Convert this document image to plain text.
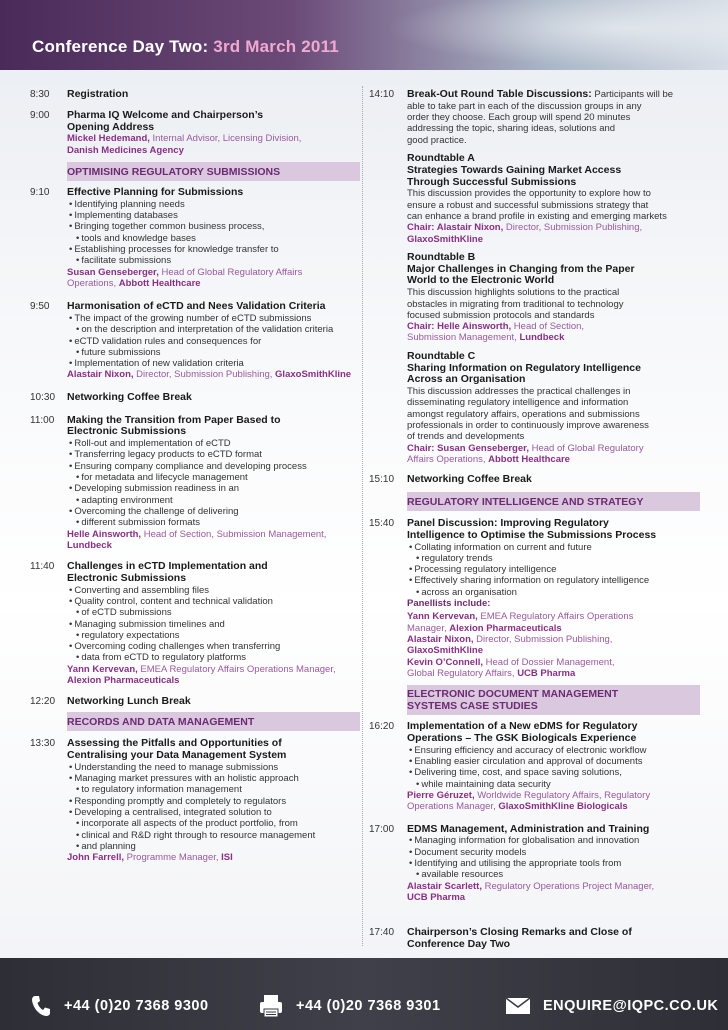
Conference Day Two: 3rd March 2011
8:30 Registration
9:00 Pharma IQ Welcome and Chairperson’s
Opening Address
Mickel Hedemand, Internal Advisor, Licensing Division,
Danish Medicines Agency
OPTIMISING REGULATORY SUBMISSIONS
9:10 Effective Planning for Submissions
• Identifying planning needs
• Implementing databases
• Bringing together common business process,
• tools and knowledge bases
• Establishing processes for knowledge transfer to
• facilitate submissions
Susan Genseberger, Head of Global Regulatory Affairs
Operations, Abbott Healthcare
9:50 Harmonisation of eCTD and Nees Validation Criteria
• The impact of the growing number of eCTD submissions
• on the description and interpretation of the validation criteria
• eCTD validation rules and consequences for
• future submissions
• Implementation of new validation criteria
Alastair Nixon, Director, Submission Publishing, GlaxoSmithKline
10:30 Networking Coffee Break
11:00 Making the Transition from Paper Based to
Electronic Submissions
• Roll-out and implementation of eCTD
• Transferring legacy products to eCTD format
• Ensuring company compliance and developing process
• for metadata and lifecycle management
• Developing submission readiness in an
• adapting environment
• Overcoming the challenge of delivering
• different submission formats
Helle Ainsworth, Head of Section, Submission Management,
Lundbeck
11:40 Challenges in eCTD Implementation and
Electronic Submissions
• Converting and assembling files
• Quality control, content and technical validation
• of eCTD submissions
• Managing submission timelines and
• regulatory expectations
• Overcoming coding challenges when transferring
• data from eCTD to regulatory platforms
Yann Kervevan, EMEA Regulatory Affairs Operations Manager,
Alexion Pharmaceuticals
12:20 Networking Lunch Break
RECORDS AND DATA MANAGEMENT
13:30 Assessing the Pitfalls and Opportunities of
Centralising your Data Management System
• Understanding the need to manage submissions
• Managing market pressures with an holistic approach
• to regulatory information management
• Responding promptly and completely to regulators
• Developing a centralised, integrated solution to
• incorporate all aspects of the product portfolio, from
• clinical and R&D right through to resource management
• and planning
John Farrell, Programme Manager, ISI
14:10 Break-Out Round Table Discussions: Participants will be
able to take part in each of the discussion groups in any
order they choose. Each group will spend 20 minutes
addressing the topic, sharing ideas, solutions and
good practice.
Roundtable A
Strategies Towards Gaining Market Access
Through Successful Submissions
This discussion provides the opportunity to explore how to
ensure a robust and successful submissions strategy that
can enhance a brand profile in existing and emerging markets
Chair: Alastair Nixon, Director, Submission Publishing,
GlaxoSmithKline
Roundtable B
Major Challenges in Changing from the Paper
World to the Electronic World
This discussion highlights solutions to the practical
obstacles in migrating from traditional to technology
focused submission protocols and standards
Chair: Helle Ainsworth, Head of Section,
Submission Management, Lundbeck
Roundtable C
Sharing Information on Regulatory Intelligence
Across an Organisation
This discussion addresses the practical challenges in
disseminating regulatory intelligence and information
amongst regulatory affairs, operations and submissions
professionals in order to continuously improve awareness
of trends and developments
Chair: Susan Genseberger, Head of Global Regulatory
Affairs Operations, Abbott Healthcare
15:10 Networking Coffee Break
REGULATORY INTELLIGENCE AND STRATEGY
15:40 Panel Discussion: Improving Regulatory
Intelligence to Optimise the Submissions Process
• Collating information on current and future
• regulatory trends
• Processing regulatory intelligence
• Effectively sharing information on regulatory intelligence
• across an organisation
Panellists include:
Yann Kervevan, EMEA Regulatory Affairs Operations
Manager, Alexion Pharmaceuticals
Alastair Nixon, Director, Submission Publishing,
GlaxoSmithKline
Kevin O’Connell, Head of Dossier Management,
Global Regulatory Affairs, UCB Pharma
ELECTRONIC DOCUMENT MANAGEMENT
SYSTEMS CASE STUDIES
16:20 Implementation of a New eDMS for Regulatory
Operations – The GSK Biologicals Experience
• Ensuring efficiency and accuracy of electronic workflow
• Enabling easier circulation and approval of documents
• Delivering time, cost, and space saving solutions,
• while maintaining data security
Pierre Géruzet, Worldwide Regulatory Affairs, Regulatory
Operations Manager, GlaxoSmithKline Biologicals
17:00 EDMS Management, Administration and Training
• Managing information for globalisation and innovation
• Document security models
• Identifying and utilising the appropriate tools from
• available resources
Alastair Scarlett, Regulatory Operations Project Manager,
UCB Pharma
17:40 Chairperson’s Closing Remarks and Close of
Conference Day Two
+44 (0)20 7368 9300	+44 (0)20 7368 9301	ENQUIRE@IQPC.CO.UK
